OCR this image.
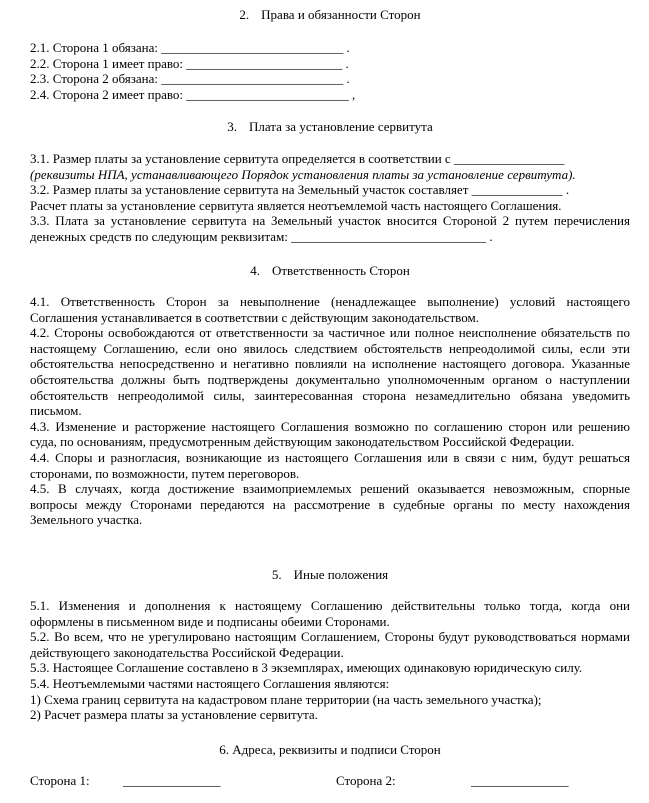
2. Права и обязанности Сторон

2.1. Сторона 1 обязана: ____________________________ .

2.2. Сторона 1 имеет право: ________________________ .

2.3. Сторона 2 обязана: ____________________________ .

2.4. Сторона 2 имеет право: _________________________ ,

3. Плата за установление сервитута

3.1. Размер платы за установление сервитута определяется в соответствии с _________________

(реквизиты НПА, устанавливающего Порядок установления платы за установление сервитута).

3.2. Размер платы за установление сервитута на Земельный участок составляет ______________ .

Расчет платы за установление сервитута является неотъемлемой часть настоящего Соглашения.

3.3. Плата за установление сервитута на Земельный участок вносится Стороной 2 путем перечисления денежных средств по следующим реквизитам: ______________________________ .

4. Ответственность Сторон

4.1. Ответственность Сторон за невыполнение (ненадлежащее выполнение) условий настоящего Соглашения устанавливается в соответствии с действующим законодательством.

4.2. Стороны освобождаются от ответственности за частичное или полное неисполнение обязательств по настоящему Соглашению, если оно явилось следствием обстоятельств непреодолимой силы, если эти обстоятельства непосредственно и негативно повлияли на исполнение настоящего договора. Указанные обстоятельства должны быть подтверждены документально уполномоченным органом о наступлении обстоятельств непреодолимой силы, заинтересованная сторона незамедлительно обязана уведомить письмом.

4.3. Изменение и расторжение настоящего Соглашения возможно по соглашению сторон или решению суда, по основаниям, предусмотренным действующим законодательством Российской Федерации.

4.4. Споры и разногласия, возникающие из настоящего Соглашения или в связи с ним, будут решаться сторонами, по возможности, путем переговоров.

4.5. В случаях, когда достижение взаимоприемлемых решений оказывается невозможным, спорные вопросы между Сторонами передаются на рассмотрение в судебные органы по месту нахождения Земельного участка.

5. Иные положения

5.1. Изменения и дополнения к настоящему Соглашению действительны только тогда, когда они оформлены в письменном виде и подписаны обеими Сторонами.

5.2. Во всем, что не урегулировано настоящим Соглашением, Стороны будут руководствоваться нормами действующего законодательства Российской Федерации.

5.3. Настоящее Соглашение составлено в 3 экземплярах, имеющих одинаковую юридическую силу.

5.4. Неотъемлемыми частями настоящего Соглашения являются:

1) Схема границ сервитута на кадастровом плане территории (на часть земельного участка);

2) Расчет размера платы за установление сервитута.

6. Адреса, реквизиты и подписи Сторон
Сторона 1:	_______________	Сторона 2:	_______________
